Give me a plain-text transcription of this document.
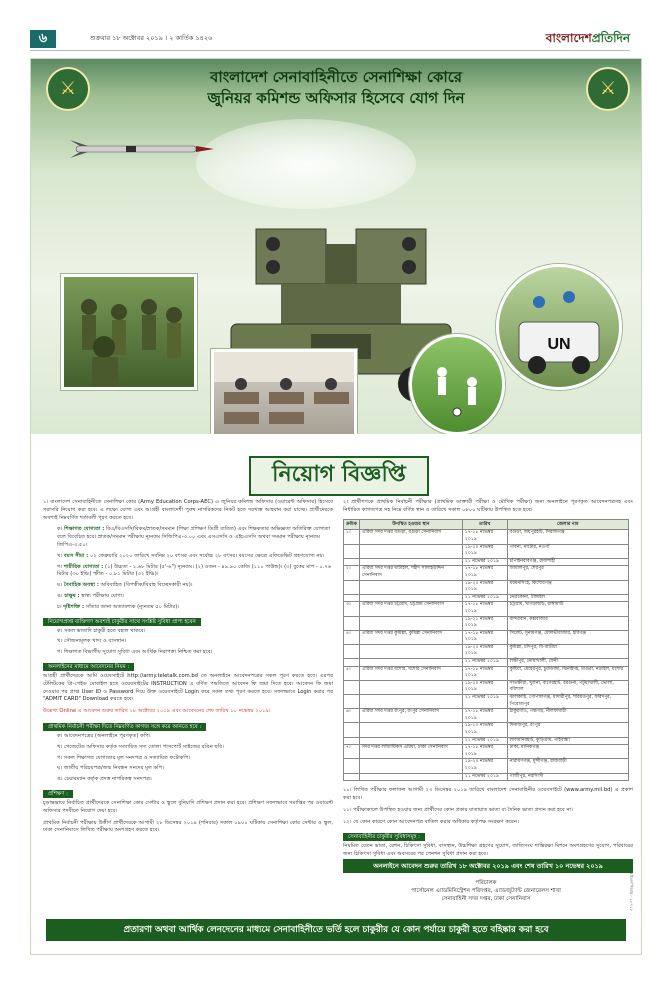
৬	শুক্রবার ১৮ অক্টোবর ২০১৯ । ২ কার্তিক ১৪২৬	বাংলাদেশপ্রতিদিন
⚔	⚔
বাংলাদেশ সেনাবাহিনীতে সেনাশিক্ষা কোরে
জুনিয়র কমিশন্ড অফিসার হিসেবে যোগ দিন
UN
নিয়োগ বিজ্ঞপ্তি

১। বাংলাদেশ সেনাবাহিনীতে সেনাশিক্ষা কোর (Army Education Corps-AEC) এ জুনিয়র কমিশন্ড অফিসার (ওয়ারেন্ট অফিসার) হিসেবে সরাসরি নিয়োগ করা হবে। এ লক্ষ্যে যোগ্য এবং আগ্রহী বাংলাদেশী পুরুষ নাগরিকদের নিকট হতে দরখাস্ত আহবান করা যাচ্ছে। প্রার্থীদেরকে অবশ্যই নিম্নবর্ণিত শর্তাবলী পূরণ করতে হবে।

ক। শিক্ষাগত যোগ্যতা : বিএ/বিএসসি/বিকম/স্নাতক/সমমান (শিক্ষা প্রশিক্ষণ ডিগ্রী ব্যতিত) এবং শিক্ষকতার অভিজ্ঞতা অতিরিক্ত যোগ্যতা বলে বিবেচিত হবে। স্নাতক/সমমান পরীক্ষায় ন্যূনতম সিজিপিএ-৩.০০ এবং এসএসসি ও এইচএসসি অথবা সমমান পরীক্ষায় ন্যূনতম জিপিএ-৩.৫০।
খ। বয়স সীমা : ০২ ফেব্রুয়ারি ২০২০ তারিখে সর্বনিম্ন ২০ বৎসর এবং সর্বোচ্চ ২৮ বৎসর। বয়সের ক্ষেত্রে এফিডেভিট গ্রহণযোগ্য নয়।
গ। শারীরিক যোগ্যতা : (১) উচ্চতা - ১.৬৮ মিটার (৫'-৬") ন্যূনতম। (২) ওজন - ৪৯.৯০ কেজি (১১০ পাউন্ড)। (৩) বুকের মাপ - ০.৭৬ মিটার (৩০ ইঞ্চি) স্ফীত - ০.৮১ মিটার (৩২ ইঞ্চি)।
ঘ। বৈবাহিক অবস্থা : অবিবাহিত (বিপত্নীক/বিবাহ বিচ্ছেদকারী নয়)।
ঙ। চাক্ষুষ : স্বাস্থ্য পরীক্ষায় যোগ্য।
চ। দৃষ্টিশক্তি : সাঁতার জানা অত্যাবশ্যক (ন্যূনতম ৫০ মিটার)।
নিয়োগপ্রাপ্ত ব্যক্তিগণ অবশ্যই চাকুরীর সাথে সংশ্লিষ্ট সুবিধা প্রাপ্য হবেন
ক। সকল ভাতাদি চাকুরী হতে বহাল থাকবে।
খ। সৌজন্যমূলক খাদ্য ও বাসস্থান।
গ। শিক্ষাগত বিভাগীয় সুযোগ সুবিধা এবং আর্থিক নিরাপত্তা নিশ্চিত করা হবে।
অনলাইনের মাধ্যমে আবেদনের নিয়ম :

আগ্রহী প্রার্থীদেরকে আর্মি ওয়েবসাইটে http://army.teletalk.com.bd তে অনলাইনে আবেদনপত্রের সকল পূরণ করতে হবে। এরপর টেলিটকের প্রি-পেইড মোবাইল হতে ওয়েবসাইটের INSTRUCTION এ বর্ণিত পদ্ধতিতে আবেদন ফি জমা দিতে হবে। আবেদন ফি জমা দেওয়ার পর প্রাপ্ত User ID ও Password দিয়ে উক্ত ওয়েবসাইটে Login করে সকল তথ্য পূরণ করতে হবে। সফলভাবে Login করার পর "ADMIT CARD" Download করতে হবে।

উল্লেখ্য Online এ আবেদন শুরুর তারিখ ১৮ অক্টোবর ২০১৯ এবং আবেদনের শেষ তারিখ ১০ নভেম্বর ২০১৯।

প্রাথমিক নির্বাচনী পরীক্ষা দিতে নিম্নবর্ণিত কাগজ সঙ্গে করে আনতে হবে :
ক। আবেদনপত্রের (অনলাইনে পূরণকৃত) কপি।
খ। গেজেটেড অফিসার কর্তৃক সত্যায়িত সদ্য তোলা পাসপোর্ট সাইজের রঙিন ছবি।
গ। সকল শিক্ষাগত যোগ্যতার মূল সনদপত্র ও সত্যায়িত ফটোকপি।
ঘ। জাতীয় পরিচয়পত্র/জন্ম নিবন্ধন সনদের মূল কপি।
ঙ। চেয়ারম্যান কর্তৃক প্রদত্ত নাগরিকত্ব সনদপত্র।
প্রশিক্ষণ :

চূড়ান্তভাবে নির্বাচিত প্রার্থীদেরকে সেনাশিক্ষা কোর সেন্টার ও স্কুলে বুনিয়াদি প্রশিক্ষণ প্রদান করা হবে। প্রশিক্ষণ সফলভাবে সমাপ্তির পর ওয়ারেন্ট অফিসার পদবীতে নিয়োগ দেয়া হবে।

প্রাথমিক নির্বাচনী পরীক্ষায় উত্তীর্ণ প্রার্থীদেরকে আগামী ২৮ ডিসেম্বর ২০১৯ (শনিবার) সকাল ০৯০০ ঘটিকায় সেনাশিক্ষা কোর সেন্টার ও স্কুল, ঢাকা সেনানিবাসে লিখিত পরীক্ষায় অংশগ্রহণ করতে হবে।

২। প্রার্থীগণকে প্রাথমিক নির্বাচনী পরীক্ষার (প্রাথমিক ডাক্তারী পরীক্ষা ও মৌখিক পরীক্ষা) জন্য অনলাইনে পূরণকৃত আবেদনপত্রসহ এবং নির্ধারিত কাগজপত্র সহ নিম্নে বর্ণিত স্থান ও তারিখে সকাল ০৮০০ ঘটিকায় উপস্থিত হতে হবে।

ক্রমিক	উপস্থিত হওয়ার স্থান	তারিখ	জেলার নাম
১।	এরিয়া সদর দপ্তর বগুড়া, বগুড়া সেনানিবাস	১৭-১৮ নভেম্বর ২০১৯	বগুড়া, জয়পুরহাট, সিরাজগঞ্জ
		১৯-২০ নভেম্বর ২০১৯	পাবনা, নাটোর, নওগাঁ
		২১ নভেম্বর ২০১৯	চাঁপাইনবাবগঞ্জ, রাজশাহী
২।	এরিয়া সদর দপ্তর ঘাটাইল, শহীদ সালাহউদ্দিন সেনানিবাস	১৭-১৮ নভেম্বর ২০১৯	জামালপুর, শেরপুর
		১৯-২০ নভেম্বর ২০১৯	ময়মনসিংহ, কিশোরগঞ্জ
		২১ নভেম্বর ২০১৯	নেত্রকোনা, টাঙ্গাইল
৩।	এরিয়া সদর দপ্তর চট্টগ্রাম, চট্টগ্রাম সেনানিবাস	১৭-১৮ নভেম্বর ২০১৯	চট্টগ্রাম, খাগড়াছড়ি, রাঙ্গামাটি
		১৯-২১ নভেম্বর ২০১৯	বান্দরবান, কক্সবাজার
৪।	এরিয়া সদর দপ্তর কুমিল্লা, কুমিল্লা সেনানিবাস	১৭-১৮ নভেম্বর ২০১৯	সিলেট, সুনামগঞ্জ, মৌলভীবাজার, হবিগঞ্জ
		১৯-২০ নভেম্বর ২০১৯	কুমিল্লা, চাঁদপুর, বি-বাড়ীয়া
		২১ নভেম্বর ২০১৯	লক্ষীপুর, নোয়াখালী, ফেনী
৫।	এরিয়া সদর দপ্তর যশোর, যশোর সেনানিবাস	১৭-১৮ নভেম্বর ২০১৯	কুষ্টিয়া, মেহেরপুর, চুয়াডাঙ্গা, ঝিনাইদহ, মাগুরা, নড়াইল, যশোর
		১৯-২০ নভেম্বর ২০১৯	সাতক্ষীরা, খুলনা, বাগেরহাট, বরগুনা, পটুয়াখালী, ভোলা, বরিশাল
		২১ নভেম্বর ২০১৯	ঝালকাঠি, গোপালগঞ্জ, মাদারীপুর, শরিয়তপুর, ফরিদপুর, পিরোজপুর
৬।	এরিয়া সদর দপ্তর রংপুর, রংপুর সেনানিবাস	১৭-১৮ নভেম্বর ২০১৯	ঠাকুরগাঁও, পঞ্চগড়, নীলফামারী
		১৯-২০ নভেম্বর ২০১৯	দিনাজপুর, রংপুর
		২১ নভেম্বর ২০১৯	লালমনিরহাট, কুড়িগ্রাম, গাইবান্ধা
৭।	সদর দপ্তর লজিস্টিকস এরিয়া, ঢাকা সেনানিবাস	১৭-১৮ নভেম্বর ২০১৯	ঢাকা, মানিকগঞ্জ
		১৯-২০ নভেম্বর ২০১৯	নারায়ণগঞ্জ, মুন্সীগঞ্জ, রাজবাড়ী
		২১ নভেম্বর ২০১৯	গাজীপুর, নরসিংদী

১০। লিখিত পরীক্ষার ফলাফল আগামী ২৩ ডিসেম্বর ২০১৯ তারিখে বাংলাদেশ সেনাবাহিনীর ওয়েবসাইটে (www.army.mil.bd) এ প্রকাশ করা হবে।

১১। পরীক্ষাকালে উপস্থিত হওয়ার জন্য প্রার্থীদের কোন প্রকার যাতায়াত ভাতা বা দৈনিক ভাতা প্রদান করা হবে না।

১২। যে কোন কারণে কোন আবেদনপত্র বাতিল করার অধিকার কর্তৃপক্ষ সংরক্ষণ করেন।

সেনাবাহিনীর চাকুরীর সুবিধাসমূহ :

নিয়মিত বেতন ভাতা, রেশন, চিকিৎসা সুবিধা, বাসস্থান, উচ্চশিক্ষা গ্রহণের সুযোগ, জাতিসংঘ শান্তিরক্ষা মিশনে অংশগ্রহণের সুযোগ, পরিবারের জন্য চিকিৎসা সুবিধা এবং অবসরের পর পেনশন সুবিধা প্রদান করা হবে।

অনলাইনে আবেদন শুরুর তারিখ ১৮ অক্টোবর ২০১৯ এবং শেষ তারিখ ১০ নভেম্বর ২০১৯
পরিচালক
পার্সোনেল এ্যাডমিনিস্ট্রেশন পরিদপ্তর, এ্যাডজুট্যান্ট জেনারেলস শাখা
সেনাবাহিনী সদর দপ্তর, ঢাকা সেনানিবাস	আইএসপিআর - ১০৭১৮
প্রতারণা অথবা আর্থিক লেনদেনের মাধ্যমে সেনাবাহিনীতে ভর্তি হলে চাকুরীর যে কোন পর্যায়ে চাকুরী হতে বহিষ্কার করা হবে
